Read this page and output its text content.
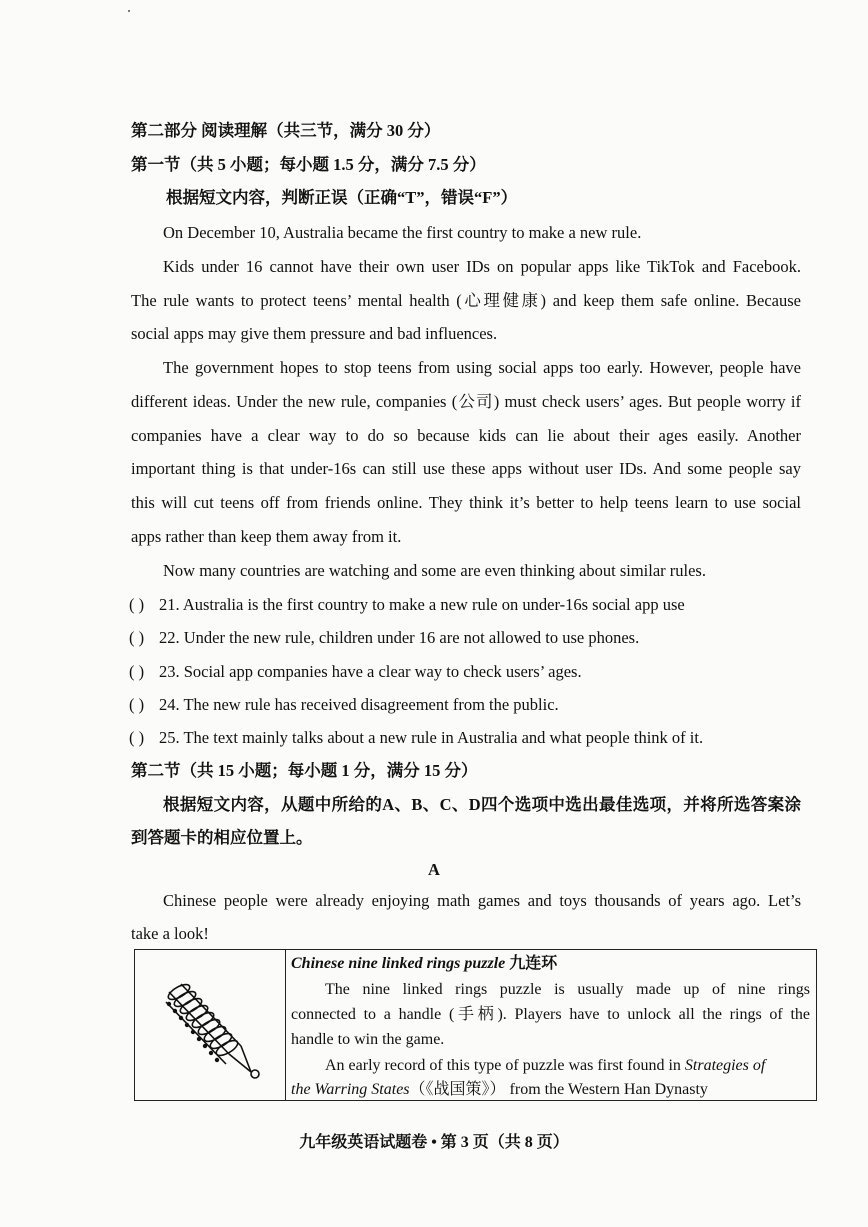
第二部分 阅读理解（共三节，满分 30 分）
第一节（共 5 小题；每小题 1.5 分，满分 7.5 分）
根据短文内容，判断正误（正确“T”，错误“F”）
On December 10, Australia became the first country to make a new rule.
Kids under 16 cannot have their own user IDs on popular apps like TikTok and Facebook.
The rule wants to protect teens’ mental health (心理健康) and keep them safe online. Because
social apps may give them pressure and bad influences.
The government hopes to stop teens from using social apps too early. However, people have
different ideas. Under the new rule, companies (公司) must check users’ ages. But people worry if
companies have a clear way to do so because kids can lie about their ages easily. Another
important thing is that under-16s can still use these apps without user IDs. And some people say
this will cut teens off from friends online. They think it’s better to help teens learn to use social
apps rather than keep them away from it.
Now many countries are watching and some are even thinking about similar rules.
( ) 21. Australia is the first country to make a new rule on under-16s social app use
( ) 22. Under the new rule, children under 16 are not allowed to use phones.
( ) 23. Social app companies have a clear way to check users’ ages.
( ) 24. The new rule has received disagreement from the public.
( ) 25. The text mainly talks about a new rule in Australia and what people think of it.
第二节（共 15 小题；每小题 1 分，满分 15 分）
根据短文内容，从题中所给的A、B、C、D四个选项中选出最佳选项，并将所选答案涂
到答题卡的相应位置上。
A
Chinese people were already enjoying math games and toys thousands of years ago. Let’s
take a look!
Chinese nine linked rings puzzle 九连环
The nine linked rings puzzle is usually made up of nine rings
connected to a handle (手柄). Players have to unlock all the rings of the
handle to win the game.
An early record of this type of puzzle was first found in Strategies of
the Warring States（《战国策》） from the Western Han Dynasty
九年级英语试题卷 • 第 3 页（共 8 页）
